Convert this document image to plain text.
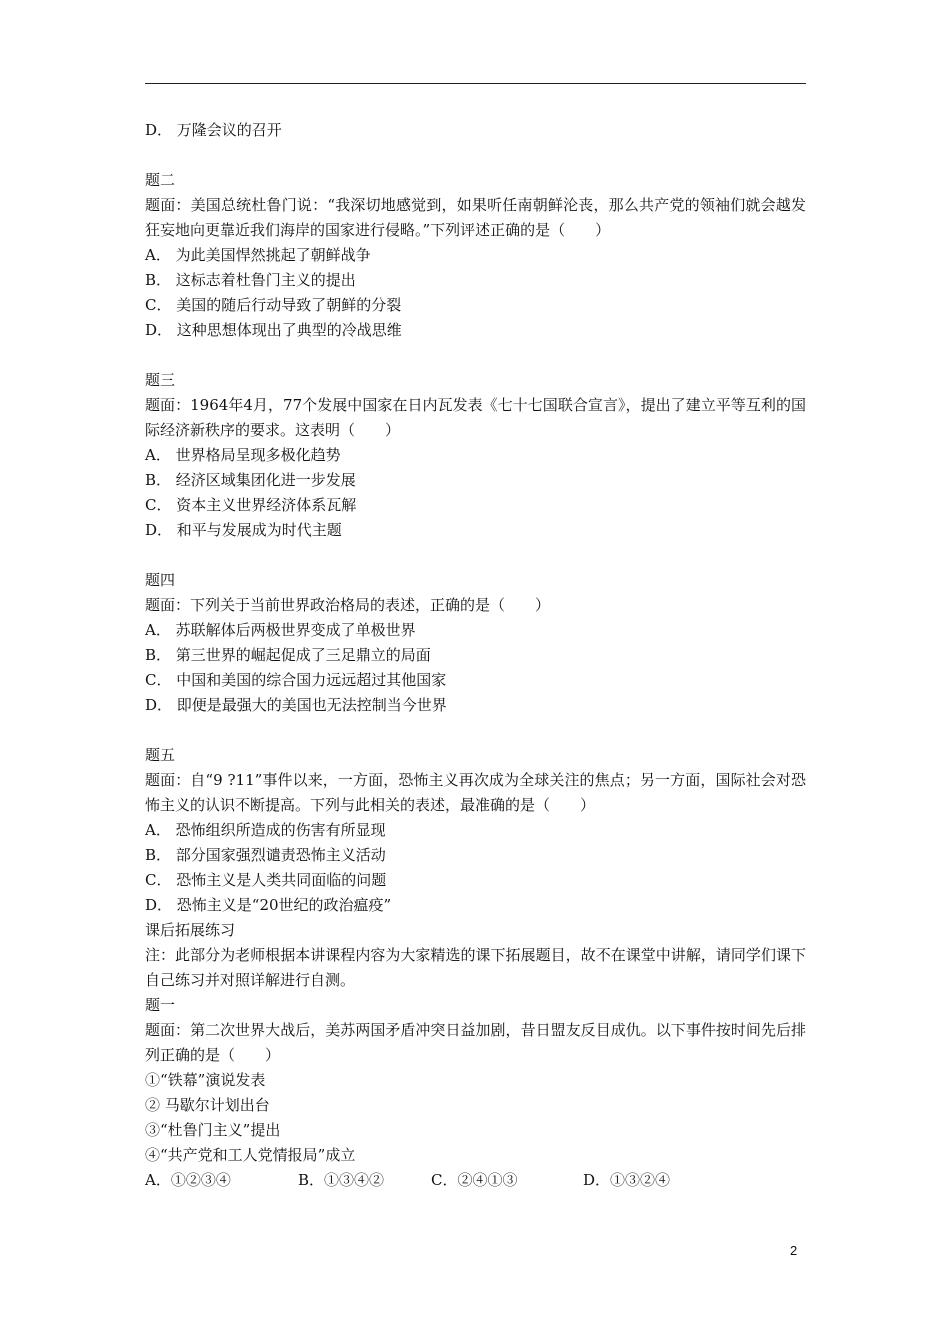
D． 万隆会议的召开
题二
题面：美国总统杜鲁门说：“我深切地感觉到，如果听任南朝鲜沦丧，那么共产党的领袖们就会越发狂妄地向更靠近我们海岸的国家进行侵略。”下列评述正确的是（　　）
A． 为此美国悍然挑起了朝鲜战争
B． 这标志着杜鲁门主义的提出
C． 美国的随后行动导致了朝鲜的分裂
D． 这种思想体现出了典型的冷战思维
题三
题面：1964年4月，77个发展中国家在日内瓦发表《七十七国联合宣言》，提出了建立平等互利的国际经济新秩序的要求。这表明（　　）
A． 世界格局呈现多极化趋势
B． 经济区域集团化进一步发展
C． 资本主义世界经济体系瓦解
D． 和平与发展成为时代主题
题四
题面：下列关于当前世界政治格局的表述，正确的是（　　）
A． 苏联解体后两极世界变成了单极世界
B． 第三世界的崛起促成了三足鼎立的局面
C． 中国和美国的综合国力远远超过其他国家
D． 即便是最强大的美国也无法控制当今世界
题五
题面：自“9 ?11”事件以来，一方面，恐怖主义再次成为全球关注的焦点；另一方面，国际社会对恐怖主义的认识不断提高。下列与此相关的表述，最准确的是（　　）
A． 恐怖组织所造成的伤害有所显现
B． 部分国家强烈谴责恐怖主义活动
C． 恐怖主义是人类共同面临的问题
D． 恐怖主义是“20世纪的政治瘟疫”
课后拓展练习
注：此部分为老师根据本讲课程内容为大家精选的课下拓展题目，故不在课堂中讲解，请同学们课下自己练习并对照详解进行自测。
题一
题面：第二次世界大战后，美苏两国矛盾冲突日益加剧，昔日盟友反目成仇。以下事件按时间先后排列正确的是（　　）
①“铁幕”演说发表
② 马歇尔计划出台
③“杜鲁门主义”提出
④“共产党和工人党情报局”成立
A．①②③④	B．①③④②	C．②④①③	D．①③②④
2
